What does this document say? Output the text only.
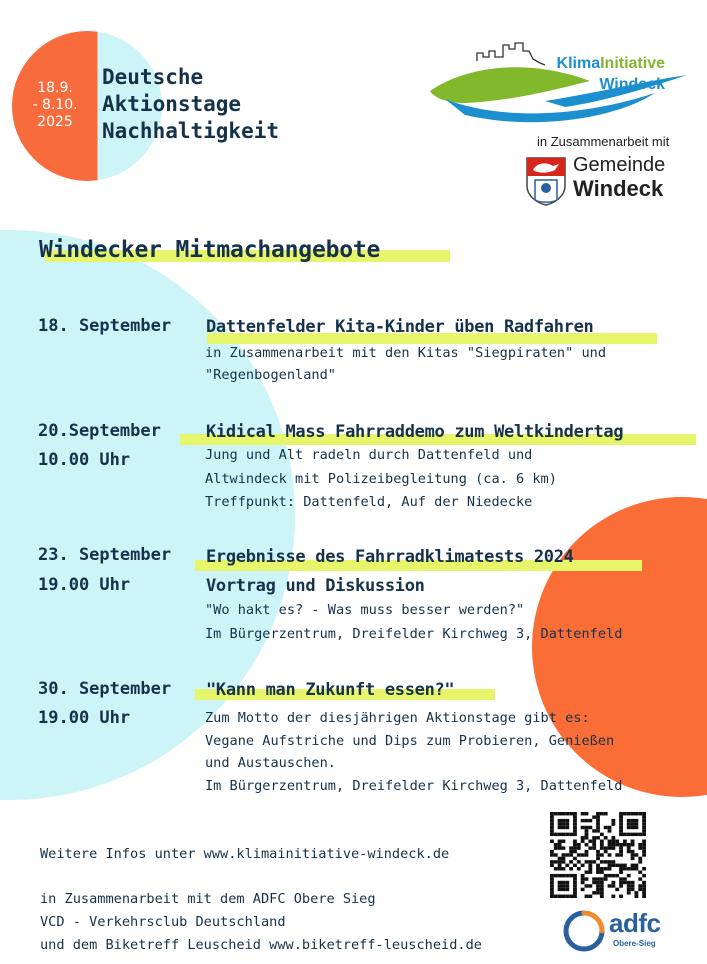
18.9.
- 8.10.
2025
Deutsche
Aktionstage
Nachhaltigkeit
KlimaInitiative
Windeck
in Zusammenarbeit mit
Gemeinde
Windeck
Windecker Mitmachangebote
18. September Dattenfelder Kita-Kinder üben Radfahren
in Zusammenarbeit mit den Kitas "Siegpiraten" und
"Regenbogenland"
20.September
10.00 Uhr
Kidical Mass Fahrraddemo zum Weltkindertag
Jung und Alt radeln durch Dattenfeld und
Altwindeck mit Polizeibegleitung (ca. 6 km)
Treffpunkt: Dattenfeld, Auf der Niedecke
23. September
19.00 Uhr
Ergebnisse des Fahrradklimatests 2024
Vortrag und Diskussion
"Wo hakt es? - Was muss besser werden?"
Im Bürgerzentrum, Dreifelder Kirchweg 3, Dattenfeld
30. September
19.00 Uhr
"Kann man Zukunft essen?"
Zum Motto der diesjährigen Aktionstage gibt es:
Vegane Aufstriche und Dips zum Probieren, Genießen
und Austauschen.
Im Bürgerzentrum, Dreifelder Kirchweg 3, Dattenfeld
Weitere Infos unter www.klimainitiative-windeck.de
in Zusammenarbeit mit dem ADFC Obere Sieg
VCD - Verkehrsclub Deutschland
und dem Biketreff Leuscheid www.biketreff-leuscheid.de
adfc
Obere-Sieg
